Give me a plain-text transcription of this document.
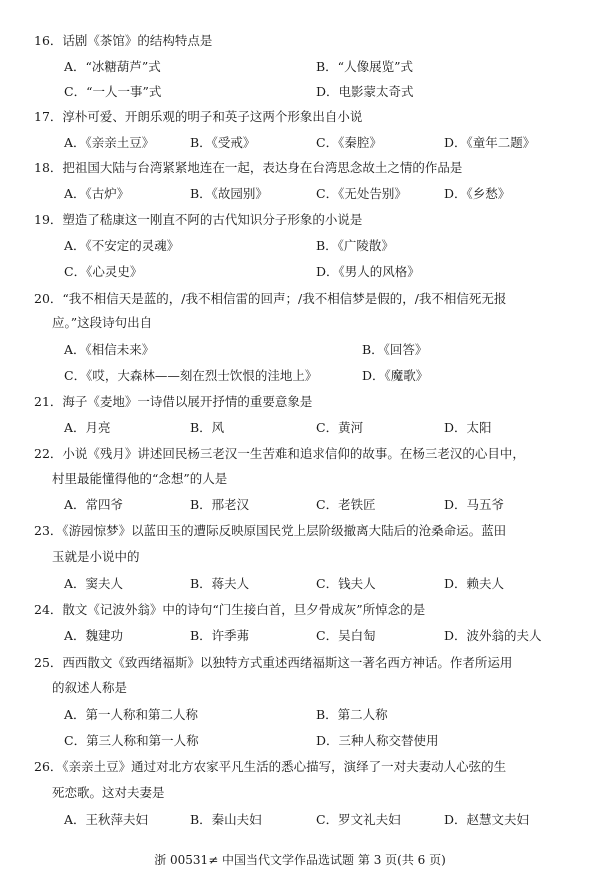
16．话剧《茶馆》的结构特点是
A．“冰糖葫芦”式	B．“人像展览”式
C．“一人一事”式	D．电影蒙太奇式
17．淳朴可爱、开朗乐观的明子和英子这两个形象出自小说
A．《亲亲土豆》	B．《受戒》	C．《秦腔》	D．《童年二题》
18．把祖国大陆与台湾紧紧地连在一起，表达身在台湾思念故土之情的作品是
A．《古炉》	B．《故园别》	C．《无处告别》	D．《乡愁》
19．塑造了嵇康这一刚直不阿的古代知识分子形象的小说是
A．《不安定的灵魂》	B．《广陵散》
C．《心灵史》	D．《男人的风格》
20．“我不相信天是蓝的，/我不相信雷的回声；/我不相信梦是假的，/我不相信死无报
应。”这段诗句出自
A．《相信未来》	B．《回答》
C．《哎，大森林——刻在烈士饮恨的洼地上》	D．《魔歌》
21．海子《麦地》一诗借以展开抒情的重要意象是
A．月亮	B．风	C．黄河	D．太阳
22．小说《残月》讲述回民杨三老汉一生苦难和追求信仰的故事。在杨三老汉的心目中，
村里最能懂得他的“念想”的人是
A．常四爷	B．邢老汉	C．老铁匠	D．马五爷
23．《游园惊梦》以蓝田玉的遭际反映原国民党上层阶级撤离大陆后的沧桑命运。蓝田
玉就是小说中的
A．窦夫人	B．蒋夫人	C．钱夫人	D．赖夫人
24．散文《记波外翁》中的诗句“门生接白首，旦夕骨成灰”所悼念的是
A．魏建功	B．许季茀	C．吴白匋	D．波外翁的夫人
25．西西散文《致西绪福斯》以独特方式重述西绪福斯这一著名西方神话。作者所运用
的叙述人称是
A．第一人称和第二人称	B．第二人称
C．第三人称和第一人称	D．三种人称交替使用
26．《亲亲土豆》通过对北方农家平凡生活的悉心描写，演绎了一对夫妻动人心弦的生
死恋歌。这对夫妻是
A．王秋萍夫妇	B．秦山夫妇	C．罗文礼夫妇	D．赵慧文夫妇
浙 00531≠ 中国当代文学作品选试题 第 3 页(共 6 页)
